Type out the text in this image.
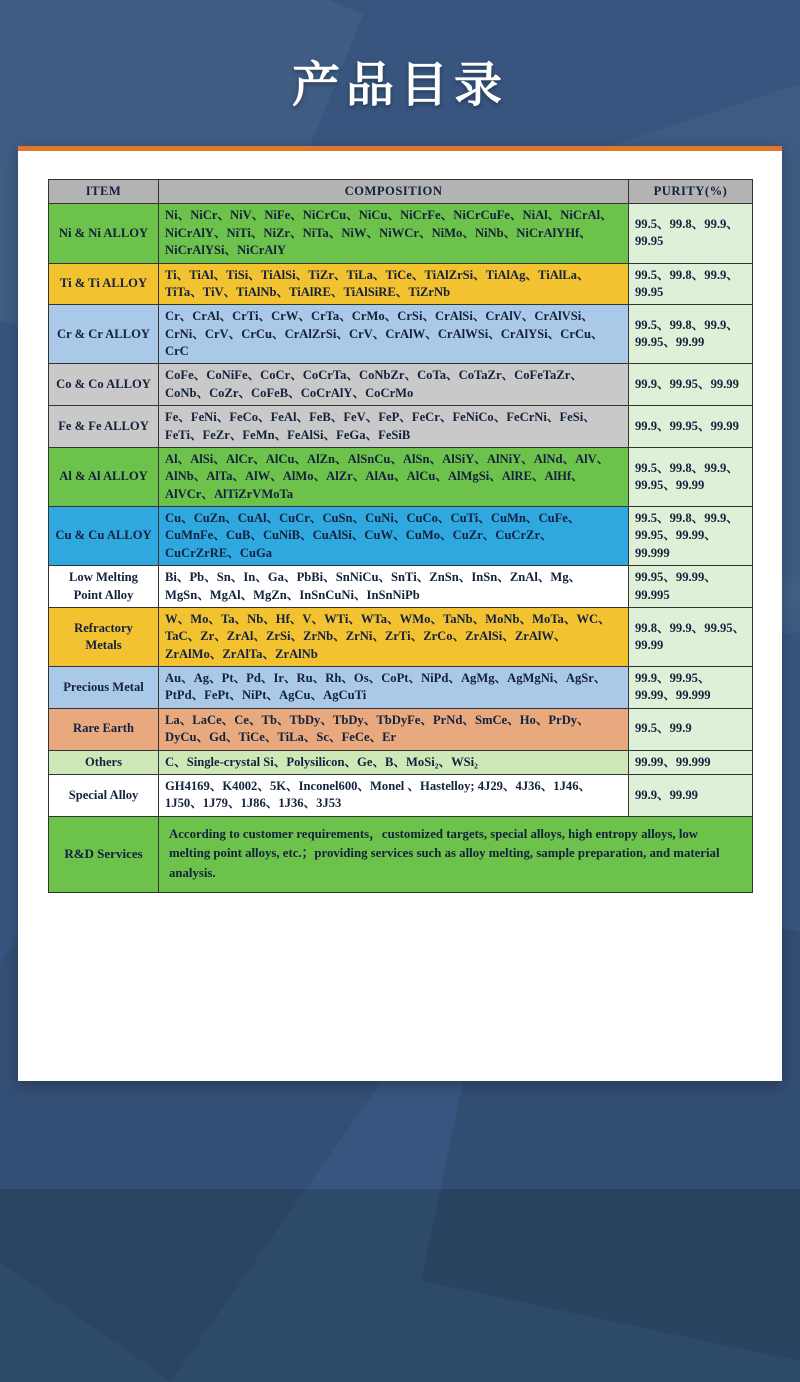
产品目录
ITEM	COMPOSITION	PURITY(%)
Ni & Ni ALLOY	Ni、NiCr、NiV、NiFe、NiCrCu、NiCu、NiCrFe、NiCrCuFe、NiAl、NiCrAl、NiCrAlY、NiTi、NiZr、NiTa、NiW、NiWCr、NiMo、NiNb、NiCrAlYHf、NiCrAlYSi、NiCrAlY	99.5、99.8、99.9、99.95
Ti & Ti ALLOY	Ti、TiAl、TiSi、TiAlSi、TiZr、TiLa、TiCe、TiAlZrSi、TiAlAg、TiAlLa、TiTa、TiV、TiAlNb、TiAlRE、TiAlSiRE、TiZrNb	99.5、99.8、99.9、99.95
Cr & Cr ALLOY	Cr、CrAl、CrTi、CrW、CrTa、CrMo、CrSi、CrAlSi、CrAlV、CrAlVSi、CrNi、CrV、CrCu、CrAlZrSi、CrV、CrAlW、CrAlWSi、CrAlYSi、CrCu、CrC	99.5、99.8、99.9、99.95、99.99
Co & Co ALLOY	CoFe、CoNiFe、CoCr、CoCrTa、CoNbZr、CoTa、CoTaZr、CoFeTaZr、CoNb、CoZr、CoFeB、CoCrAlY、CoCrMo	99.9、99.95、99.99
Fe & Fe ALLOY	Fe、FeNi、FeCo、FeAl、FeB、FeV、FeP、FeCr、FeNiCo、FeCrNi、FeSi、FeTi、FeZr、FeMn、FeAlSi、FeGa、FeSiB	99.9、99.95、99.99
Al & Al ALLOY	Al、AlSi、AlCr、AlCu、AlZn、AlSnCu、AlSn、AlSiY、AlNiY、AlNd、AlV、AlNb、AlTa、AlW、AlMo、AlZr、AlAu、AlCu、AlMgSi、AlRE、AlHf、AlVCr、AlTiZrVMoTa	99.5、99.8、99.9、99.95、99.99
Cu & Cu ALLOY	Cu、CuZn、CuAl、CuCr、CuSn、CuNi、CuCo、CuTi、CuMn、CuFe、CuMnFe、CuB、CuNiB、CuAlSi、CuW、CuMo、CuZr、CuCrZr、CuCrZrRE、CuGa	99.5、99.8、99.9、99.95、99.99、99.999
Low Melting Point Alloy	Bi、Pb、Sn、In、Ga、PbBi、SnNiCu、SnTi、ZnSn、InSn、ZnAl、Mg、MgSn、MgAl、MgZn、InSnCuNi、InSnNiPb	99.95、99.99、99.995
Refractory Metals	W、Mo、Ta、Nb、Hf、V、WTi、WTa、WMo、TaNb、MoNb、MoTa、WC、TaC、Zr、ZrAl、ZrSi、ZrNb、ZrNi、ZrTi、ZrCo、ZrAlSi、ZrAlW、ZrAlMo、ZrAlTa、ZrAlNb	99.8、99.9、99.95、99.99
Precious Metal	Au、Ag、Pt、Pd、Ir、Ru、Rh、Os、CoPt、NiPd、AgMg、AgMgNi、AgSr、PtPd、FePt、NiPt、AgCu、AgCuTi	99.9、99.95、99.99、99.999
Rare Earth	La、LaCe、Ce、Tb、TbDy、TbDy、TbDyFe、PrNd、SmCe、Ho、PrDy、DyCu、Gd、TiCe、TiLa、Sc、FeCe、Er	99.5、99.9
Others	C、Single-crystal Si、Polysilicon、Ge、B、MoSi₂、WSi₂	99.99、99.999
Special Alloy	GH4169、K4002、5K、Inconel600、Monel 、Hastelloy; 4J29、4J36、1J46、1J50、1J79、1J86、1J36、3J53	99.9、99.99
R&D Services	According to customer requirements，customized targets, special alloys, high entropy alloys, low melting point alloys, etc.；providing services such as alloy melting, sample preparation, and material analysis.	
